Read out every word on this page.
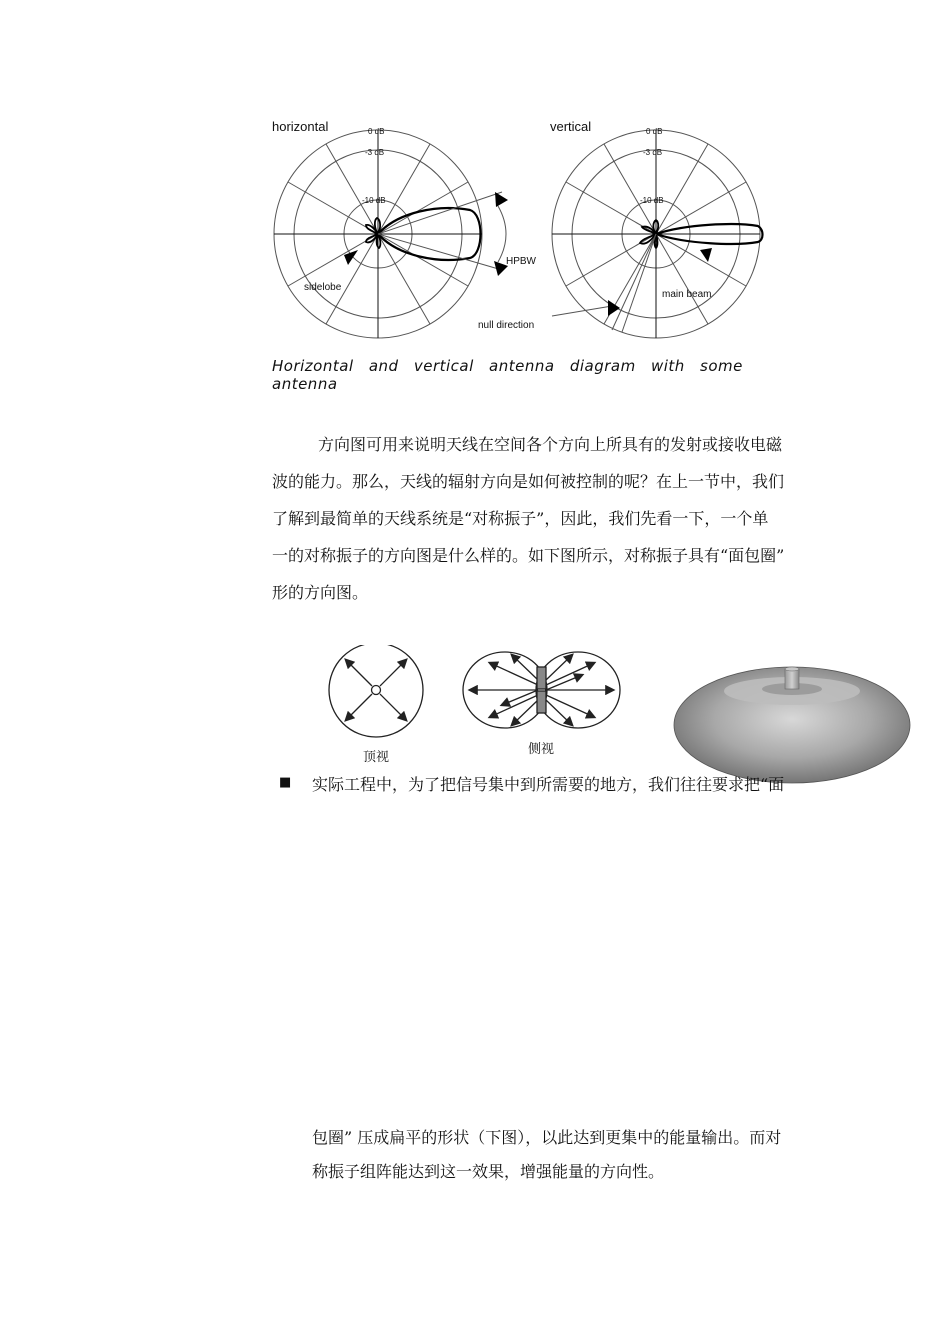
horizontal	vertical
0 dB
-3 dB
-10 dB
0 dB
-3 dB
-10 dB
HPBW
sidelobe
null direction
main beam
Horizontal and vertical antenna diagram with some antenna

方向图可用来说明天线在空间各个方向上所具有的发射或接收电磁

波的能力。那么，天线的辐射方向是如何被控制的呢？在上一节中，我们

了解到最简单的天线系统是“对称振子”，因此，我们先看一下，一个单

一的对称振子的方向图是什么样的。如下图所示，对称振子具有“面包圈”

形的方向图。

顶视
侧视
■ 实际工程中，为了把信号集中到所需要的地方，我们往往要求把“面

包圈” 压成扁平的形状（下图），以此达到更集中的能量输出。而对

称振子组阵能达到这一效果，增强能量的方向性。
